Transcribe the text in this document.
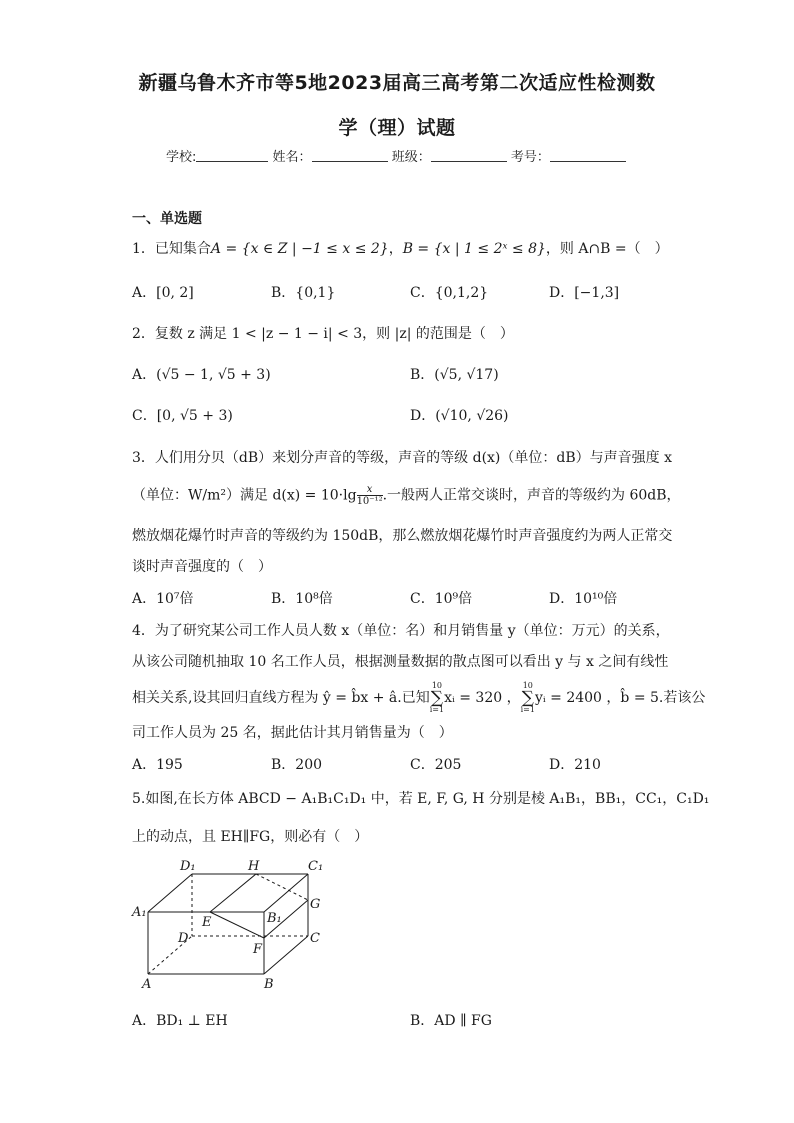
新疆乌鲁木齐市等5地2023届高三高考第二次适应性检测数
学（理）试题
学校:	姓名：	班级：	考号：
一、单选题
1．已知集合A = {x ∈ Z | −1 ≤ x ≤ 2}，B = {x | 1 ≤ 2ˣ ≤ 8}，则 A∩B =（　）
A．[0, 2]	B．{0,1}	C．{0,1,2}	D．[−1,3]
2．复数 z 满足 1 < |z − 1 − i| < 3，则 |z| 的范围是（　）
A．(√5 − 1, √5 + 3)	B．(√5, √17)
C．[0, √5 + 3)	D．(√10, √26)
3．人们用分贝（dB）来划分声音的等级，声音的等级 d(x)（单位：dB）与声音强度 x
（单位：W/m²）满足 $d(x) = 10\cdot\lg \frac{x}{\text{10⁻¹²}}$ .一般两人正常交谈时，声音的等级约为 60dB，
燃放烟花爆竹时声音的等级约为 150dB，那么燃放烟花爆竹时声音强度约为两人正常交
谈时声音强度的（　）
A．10⁷倍	B．10⁸倍	C．10⁹倍	D．10¹⁰倍
4．为了研究某公司工作人员人数 x（单位：名）和月销售量 y（单位：万元）的关系，
从该公司随机抽取 10 名工作人员，根据测量数据的散点图可以看出 y 与 x 之间有线性
相关关系,设其回归直线方程为 ŷ = b̂x + â.已知10
∑
i=1xᵢ = 320 ，10
∑
i=1yᵢ = 2400 ，b̂ = 5.若该公
司工作人员为 25 名，据此估计其月销售量为（　）
A．195	B．200	C．205	D．210
5.如图,在长方体 ABCD − A₁B₁C₁D₁ 中，若 E, F, G, H 分别是棱 A₁B₁，BB₁，CC₁，C₁D₁
上的动点，且 EH∥FG，则必有（　）
D₁	H	C₁
A₁
E	B₁
G
D	C
F
A	B
A．BD₁ ⊥ EH	B．AD ∥ FG
